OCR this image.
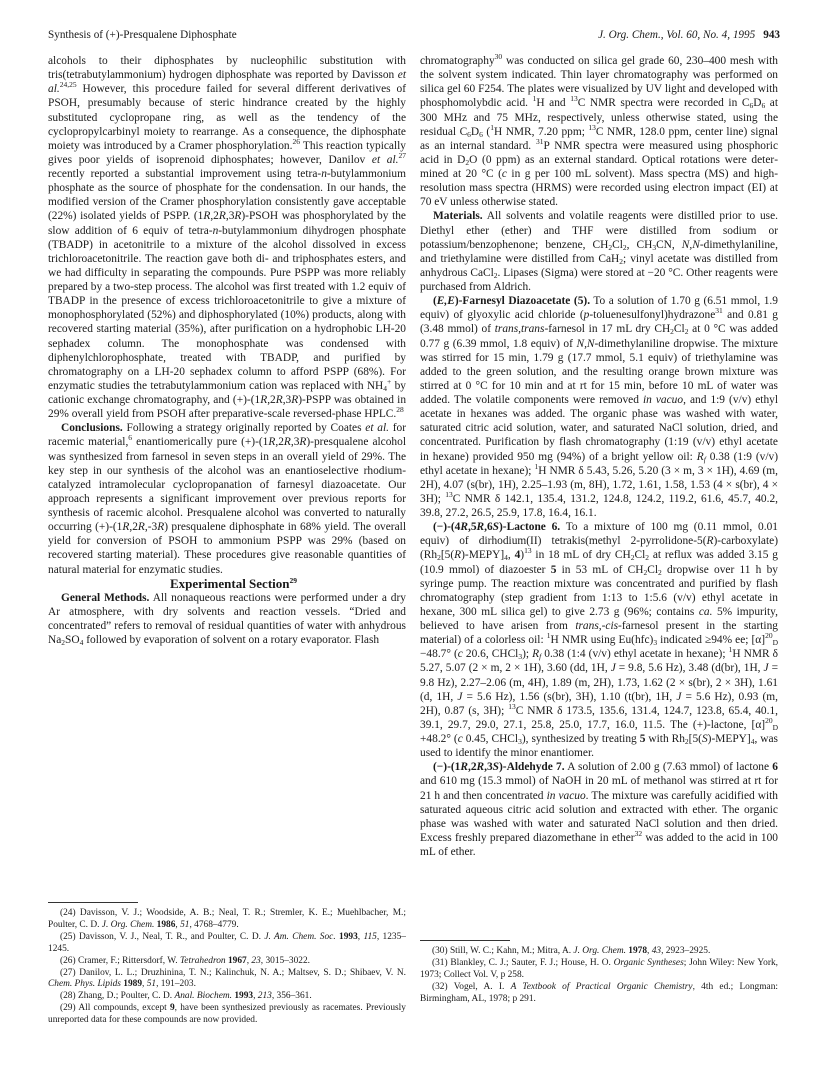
Synthesis of (+)-Presqualene Diphosphate	J. Org. Chem., Vol. 60, No. 4, 1995 943

alcohols to their diphosphates by nucleophilic substitution with tris(tetrabutylammonium) hydrogen diphosphate was reported by Davisson et al.$^{24,25}$ However, this procedure failed for several different derivatives of PSOH, presumably because of steric hindrance created by the highly substituted cyclopropane ring, as well as the tendency of the cyclopropylcarbinyl moiety to rearrange. As a consequence, the diphosphate moiety was introduced by a Cramer phosphorylation.$^{26}$ This reaction typically gives poor yields of isoprenoid diphosphates; however, Danilov et al.$^{27}$ recently reported a substantial improvement using tetra-n-butylammonium phosphate as the source of phosphate for the condensation. In our hands, the modified version of the Cramer phosphorylation consistently gave acceptable (22%) isolated yields of PSPP. (1R,2R,3R)-PSOH was phosphorylated by the slow addition of 6 equiv of tetra-n-butylammonium dihydrogen phosphate (TBADP) in acetonitrile to a mixture of the alcohol dissolved in excess trichloroacetonitrile. The reaction gave both di- and triphosphates esters, and we had difficulty in separating the compounds. Pure PSPP was more reliably prepared by a two-step process. The alcohol was first treated with 1.2 equiv of TBADP in the presence of excess trichloroacetonitrile to give a mixture of monophosphorylated (52%) and diphosphorylated (10%) products, along with recovered starting material (35%), after purification on a hydrophobic LH-20 sephadex column. The monophosphate was condensed with diphenylchlorophosphate, treated with TBADP, and purified by chromatography on a LH-20 sephadex column to afford PSPP (68%). For enzymatic studies the tetrabutylammonium cation was replaced with $NH_4^+$ by cationic exchange chromatography, and (+)-(1R,2R,3R)-PSPP was obtained in 29% overall yield from PSOH after preparative-scale reversed-phase HPLC.$^{28}$

Conclusions. Following a strategy originally reported by Coates et al. for racemic material,$^6$ enantiomerically pure (+)-(1R,2R,3R)-presqualene alcohol was synthesized from farnesol in seven steps in an overall yield of 29%. The key step in our synthesis of the alcohol was an enantioselective rhodium-catalyzed intramolecular cyclopropanation of farnesyl diazoacetate. Our approach represents a significant improvement over previous reports for synthesis of racemic alcohol. Presqualene alcohol was converted to naturally occurring (+)-(1R,2R,-3R) presqualene diphosphate in 68% yield. The overall yield for conversion of PSOH to ammonium PSPP was 29% (based on recovered starting material). These procedures give reasonable quantities of natural material for enzymatic studies.

Experimental Section$^{29}$

General Methods. All nonaqueous reactions were performed under a dry Ar atmosphere, with dry solvents and reaction vessels. “Dried and concentrated” refers to removal of residual quantities of water with anhydrous $Na_2SO_4$ followed by evaporation of solvent on a rotary evaporator. Flash

(24) Davisson, V. J.; Woodside, A. B.; Neal, T. R.; Stremler, K. E.; Muehlbacher, M.; Poulter, C. D. J. Org. Chem. 1986, 51, 4768–4779.
(25) Davisson, V. J., Neal, T. R., and Poulter, C. D. J. Am. Chem. Soc. 1993, 115, 1235–1245.
(26) Cramer, F.; Rittersdorf, W. Tetrahedron 1967, 23, 3015–3022.
(27) Danilov, L. L.; Druzhinina, T. N.; Kalinchuk, N. A.; Maltsev, S. D.; Shibaev, V. N. Chem. Phys. Lipids 1989, 51, 191–203.
(28) Zhang, D.; Poulter, C. D. Anal. Biochem. 1993, 213, 356–361.
(29) All compounds, except 9, have been synthesized previously as racemates. Previously unreported data for these compounds are now provided.

chromatography$^{30}$ was conducted on silica gel grade 60, 230–400 mesh with the solvent system indicated. Thin layer chromatography was performed on silica gel 60 F254. The plates were visualized by UV light and developed with phosphomolybdic acid. $^1$H and $^{13}$C NMR spectra were recorded in $C_6D_6$ at 300 MHz and 75 MHz, respectively, unless otherwise stated, using the residual $C_6D_6$ ($^1$H NMR, 7.20 ppm; $^{13}$C NMR, 128.0 ppm, center line) signal as an internal standard. $^{31}$P NMR spectra were measured using phosphoric acid in $D_2O$ (0 ppm) as an external standard. Optical rotations were determined at 20 °C (c in g per 100 mL solvent). Mass spectra (MS) and high-resolution mass spectra (HRMS) were recorded using electron impact (EI) at 70 eV unless otherwise stated.

Materials. All solvents and volatile reagents were distilled prior to use. Diethyl ether (ether) and THF were distilled from sodium or potassium/benzophenone; benzene, $CH_2Cl_2$, $CH_3CN$, N,N-dimethylaniline, and triethylamine were distilled from CaH$_2$; vinyl acetate was distilled from anhydrous CaCl$_2$. Lipases (Sigma) were stored at −20 °C. Other reagents were purchased from Aldrich.

(E,E)-Farnesyl Diazoacetate (5). To a solution of 1.70 g (6.51 mmol, 1.9 equiv) of glyoxylic acid chloride (p-toluenesulfonyl)hydrazone$^{31}$ and 0.81 g (3.48 mmol) of trans,trans-farnesol in 17 mL dry $CH_2Cl_2$ at 0 °C was added 0.77 g (6.39 mmol, 1.8 equiv) of N,N-dimethylaniline dropwise. The mixture was stirred for 15 min, 1.79 g (17.7 mmol, 5.1 equiv) of triethylamine was added to the green solution, and the resulting orange brown mixture was stirred at 0 °C for 10 min and at rt for 15 min, before 10 mL of water was added. The volatile components were removed in vacuo, and 1:9 (v/v) ethyl acetate in hexanes was added. The organic phase was washed with water, saturated citric acid solution, water, and saturated NaCl solution, dried, and concentrated. Purification by flash chromatography (1:19 (v/v) ethyl acetate in hexane) provided 950 mg (94%) of a bright yellow oil: $R_f$ 0.38 (1:9 (v/v) ethyl acetate in hexane); $^1$H NMR δ 5.43, 5.26, 5.20 (3 × m, 3 × 1H), 4.69 (m, 2H), 4.07 (s(br), 1H), 2.25–1.93 (m, 8H), 1.72, 1.61, 1.58, 1.53 (4 × s(br), 4 × 3H); $^{13}$C NMR δ 142.1, 135.4, 131.2, 124.8, 124.2, 119.2, 61.6, 45.7, 40.2, 39.8, 27.2, 26.5, 25.9, 17.8, 16.4, 16.1.

(−)-(4R,5R,6S)-Lactone 6. To a mixture of 100 mg (0.11 mmol, 0.01 equiv) of dirhodium(II) tetrakis(methyl 2-pyrrolidone-5(R)-carboxylate) ($Rh_2[5(R)-MEPY]_4$, 4)$^{13}$ in 18 mL of dry $CH_2Cl_2$ at reflux was added 3.15 g (10.9 mmol) of diazoester 5 in 53 mL of $CH_2Cl_2$ dropwise over 11 h by syringe pump. The reaction mixture was concentrated and purified by flash chromatography (step gradient from 1:13 to 1:5.6 (v/v) ethyl acetate in hexane, 300 mL silica gel) to give 2.73 g (96%; contains ca. 5% impurity, believed to have arisen from trans,-cis-farnesol present in the starting material) of a colorless oil: $^1$H NMR using $Eu(hfc)_3$ indicated ≥94% ee; $[\alpha]^{20}_D -48.7^\circ$ (c 20.6, CHCl$_3$); $R_f$ 0.38 (1:4 (v/v) ethyl acetate in hexane); $^1$H NMR δ 5.27, 5.07 (2 × m, 2 × 1H), 3.60 (dd, 1H, J = 9.8, 5.6 Hz), 3.48 (d(br), 1H, J = 9.8 Hz), 2.27–2.06 (m, 4H), 1.89 (m, 2H), 1.73, 1.62 (2 × s(br), 2 × 3H), 1.61 (d, 1H, J = 5.6 Hz), 1.56 (s(br), 3H), 1.10 (t(br), 1H, J = 5.6 Hz), 0.93 (m, 2H), 0.87 (s, 3H); $^{13}$C NMR δ 173.5, 135.6, 131.4, 124.7, 123.8, 65.4, 40.1, 39.1, 29.7, 29.0, 27.1, 25.8, 25.0, 17.7, 16.0, 11.5. The (+)-lactone, $[\alpha]^{20}_D +48.2^\circ$ (c 0.45, CHCl$_3$), synthesized by treating 5 with $Rh_2[5(S)-MEPY]_4$, was used to identify the minor enantiomer.

(−)-(1R,2R,3S)-Aldehyde 7. A solution of 2.00 g (7.63 mmol) of lactone 6 and 610 mg (15.3 mmol) of NaOH in 20 mL of methanol was stirred at rt for 21 h and then concentrated in vacuo. The mixture was carefully acidified with saturated aqueous citric acid solution and extracted with ether. The organic phase was washed with water and saturated NaCl solution and then dried. Excess freshly prepared diazomethane in ether$^{32}$ was added to the acid in 100 mL of ether.

(30) Still, W. C.; Kahn, M.; Mitra, A. J. Org. Chem. 1978, 43, 2923–2925.
(31) Blankley, C. J.; Sauter, F. J.; House, H. O. Organic Syntheses; John Wiley: New York, 1973; Collect Vol. V, p 258.
(32) Vogel, A. I. A Textbook of Practical Organic Chemistry, 4th ed.; Longman: Birmingham, AL, 1978; p 291.
